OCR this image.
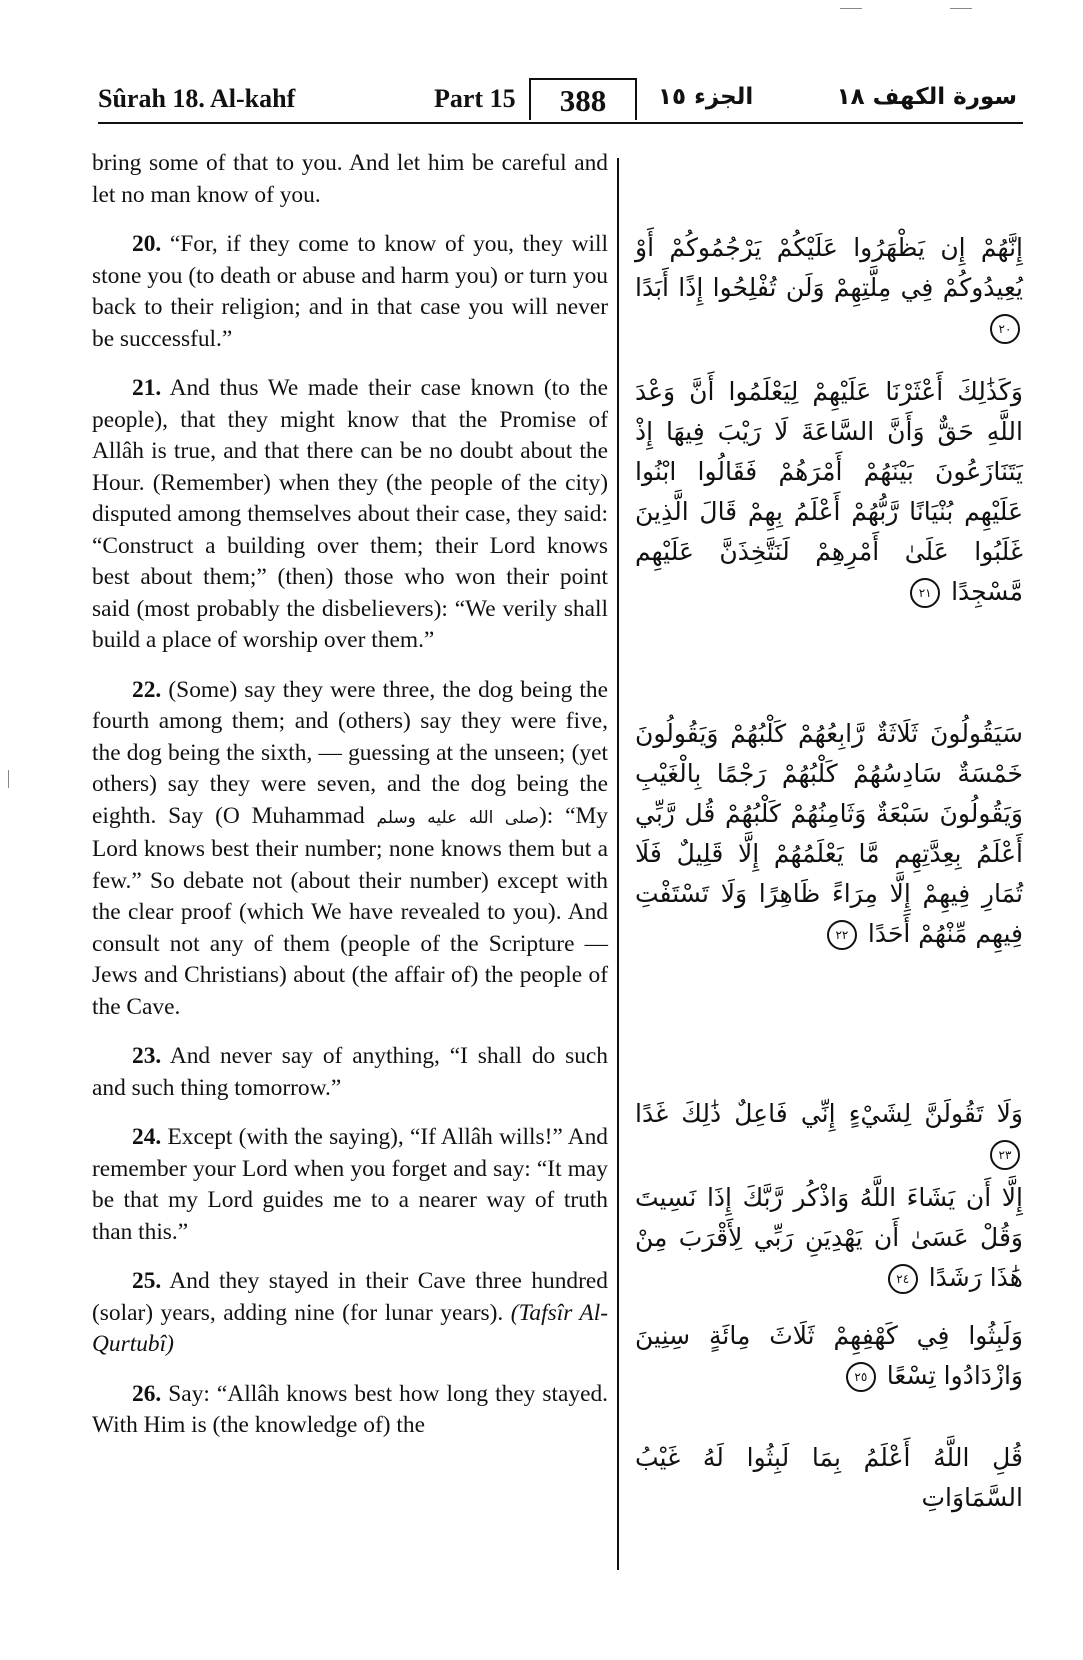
Sûrah 18. Al-kahf	Part 15	388	الجزء ١٥	سورة الكهف ١٨

bring some of that to you. And let him be careful and let no man know of you.

20. “For, if they come to know of you, they will stone you (to death or abuse and harm you) or turn you back to their religion; and in that case you will never be successful.”

21. And thus We made their case known (to the people), that they might know that the Promise of Allâh is true, and that there can be no doubt about the Hour. (Remember) when they (the people of the city) disputed among themselves about their case, they said: “Construct a building over them; their Lord knows best about them;” (then) those who won their point said (most probably the disbelievers): “We verily shall build a place of worship over them.”

22. (Some) say they were three, the dog being the fourth among them; and (others) say they were five, the dog being the sixth, — guessing at the unseen; (yet others) say they were seven, and the dog being the eighth. Say (O Muhammad صلى الله عليه وسلم): “My Lord knows best their number; none knows them but a few.” So debate not (about their number) except with the clear proof (which We have revealed to you). And consult not any of them (people of the Scripture — Jews and Christians) about (the affair of) the people of the Cave.

23. And never say of anything, “I shall do such and such thing tomorrow.”

24. Except (with the saying), “If Allâh wills!” And remember your Lord when you forget and say: “It may be that my Lord guides me to a nearer way of truth than this.”

25. And they stayed in their Cave three hundred (solar) years, adding nine (for lunar years). (Tafsîr Al-Qurtubî)

26. Say: “Allâh knows best how long they stayed. With Him is (the knowledge of) the

إِنَّهُمْ إِن يَظْهَرُوا عَلَيْكُمْ يَرْجُمُوكُمْ أَوْ يُعِيدُوكُمْ فِي مِلَّتِهِمْ وَلَن تُفْلِحُوا إِذًا أَبَدًا ٢٠
وَكَذَٰلِكَ أَعْثَرْنَا عَلَيْهِمْ لِيَعْلَمُوا أَنَّ وَعْدَ اللَّهِ حَقٌّ وَأَنَّ السَّاعَةَ لَا رَيْبَ فِيهَا إِذْ يَتَنَازَعُونَ بَيْنَهُمْ أَمْرَهُمْ فَقَالُوا ابْنُوا عَلَيْهِم بُنْيَانًا رَّبُّهُمْ أَعْلَمُ بِهِمْ قَالَ الَّذِينَ غَلَبُوا عَلَىٰ أَمْرِهِمْ لَنَتَّخِذَنَّ عَلَيْهِم مَّسْجِدًا ٢١
سَيَقُولُونَ ثَلَاثَةٌ رَّابِعُهُمْ كَلْبُهُمْ وَيَقُولُونَ خَمْسَةٌ سَادِسُهُمْ كَلْبُهُمْ رَجْمًا بِالْغَيْبِ وَيَقُولُونَ سَبْعَةٌ وَثَامِنُهُمْ كَلْبُهُمْ قُل رَّبِّي أَعْلَمُ بِعِدَّتِهِم مَّا يَعْلَمُهُمْ إِلَّا قَلِيلٌ فَلَا تُمَارِ فِيهِمْ إِلَّا مِرَاءً ظَاهِرًا وَلَا تَسْتَفْتِ فِيهِم مِّنْهُمْ أَحَدًا ٢٢
وَلَا تَقُولَنَّ لِشَيْءٍ إِنِّي فَاعِلٌ ذَٰلِكَ غَدًا ٢٣
إِلَّا أَن يَشَاءَ اللَّهُ وَاذْكُر رَّبَّكَ إِذَا نَسِيتَ وَقُلْ عَسَىٰ أَن يَهْدِيَنِ رَبِّي لِأَقْرَبَ مِنْ هَٰذَا رَشَدًا ٢٤
وَلَبِثُوا فِي كَهْفِهِمْ ثَلَاثَ مِائَةٍ سِنِينَ وَازْدَادُوا تِسْعًا ٢٥
قُلِ اللَّهُ أَعْلَمُ بِمَا لَبِثُوا لَهُ غَيْبُ السَّمَاوَاتِ
